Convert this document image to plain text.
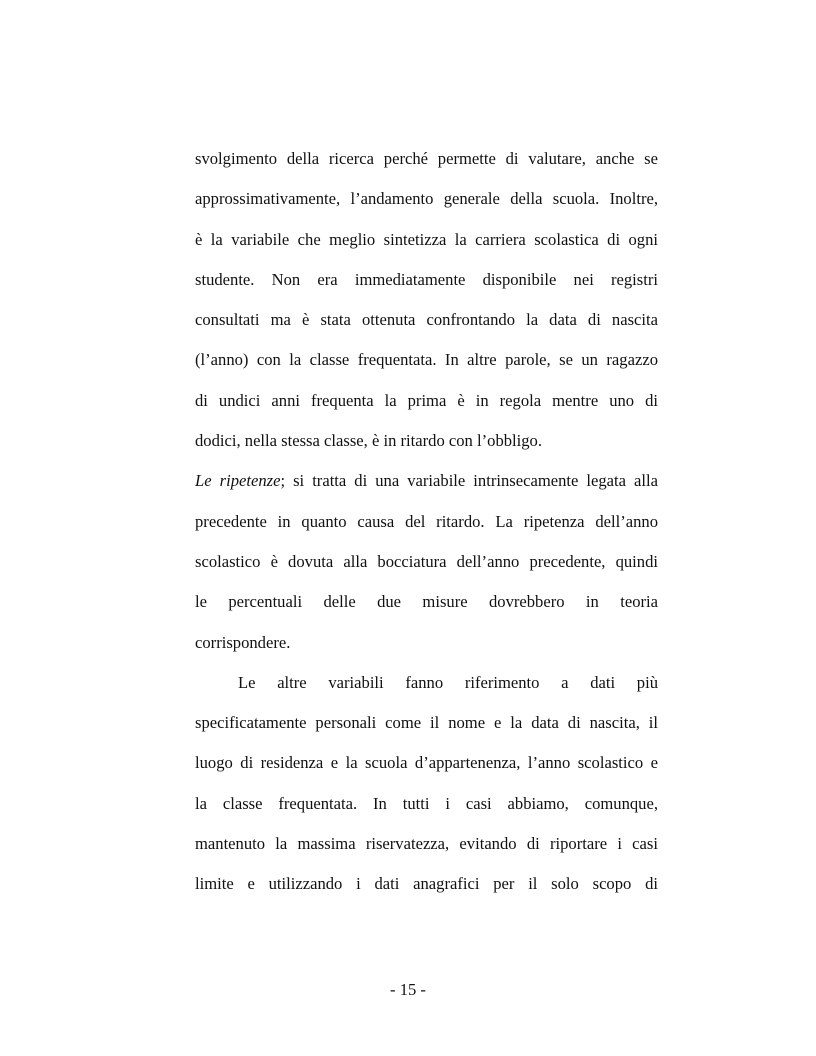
svolgimento della ricerca perché permette di valutare, anche se
approssimativamente, l’andamento generale della scuola. Inoltre,
è la variabile che meglio sintetizza la carriera scolastica di ogni
studente. Non era immediatamente disponibile nei registri
consultati ma è stata ottenuta confrontando la data di nascita
(l’anno) con la classe frequentata. In altre parole, se un ragazzo
di undici anni frequenta la prima è in regola mentre uno di
dodici, nella stessa classe, è in ritardo con l’obbligo.
Le ripetenze; si tratta di una variabile intrinsecamente legata alla
precedente in quanto causa del ritardo. La ripetenza dell’anno
scolastico è dovuta alla bocciatura dell’anno precedente, quindi
le percentuali delle due misure dovrebbero in teoria
corrispondere.
Le altre variabili fanno riferimento a dati più
specificatamente personali come il nome e la data di nascita, il
luogo di residenza e la scuola d’appartenenza, l’anno scolastico e
la classe frequentata. In tutti i casi abbiamo, comunque,
mantenuto la massima riservatezza, evitando di riportare i casi
limite e utilizzando i dati anagrafici per il solo scopo di
- 15 -
